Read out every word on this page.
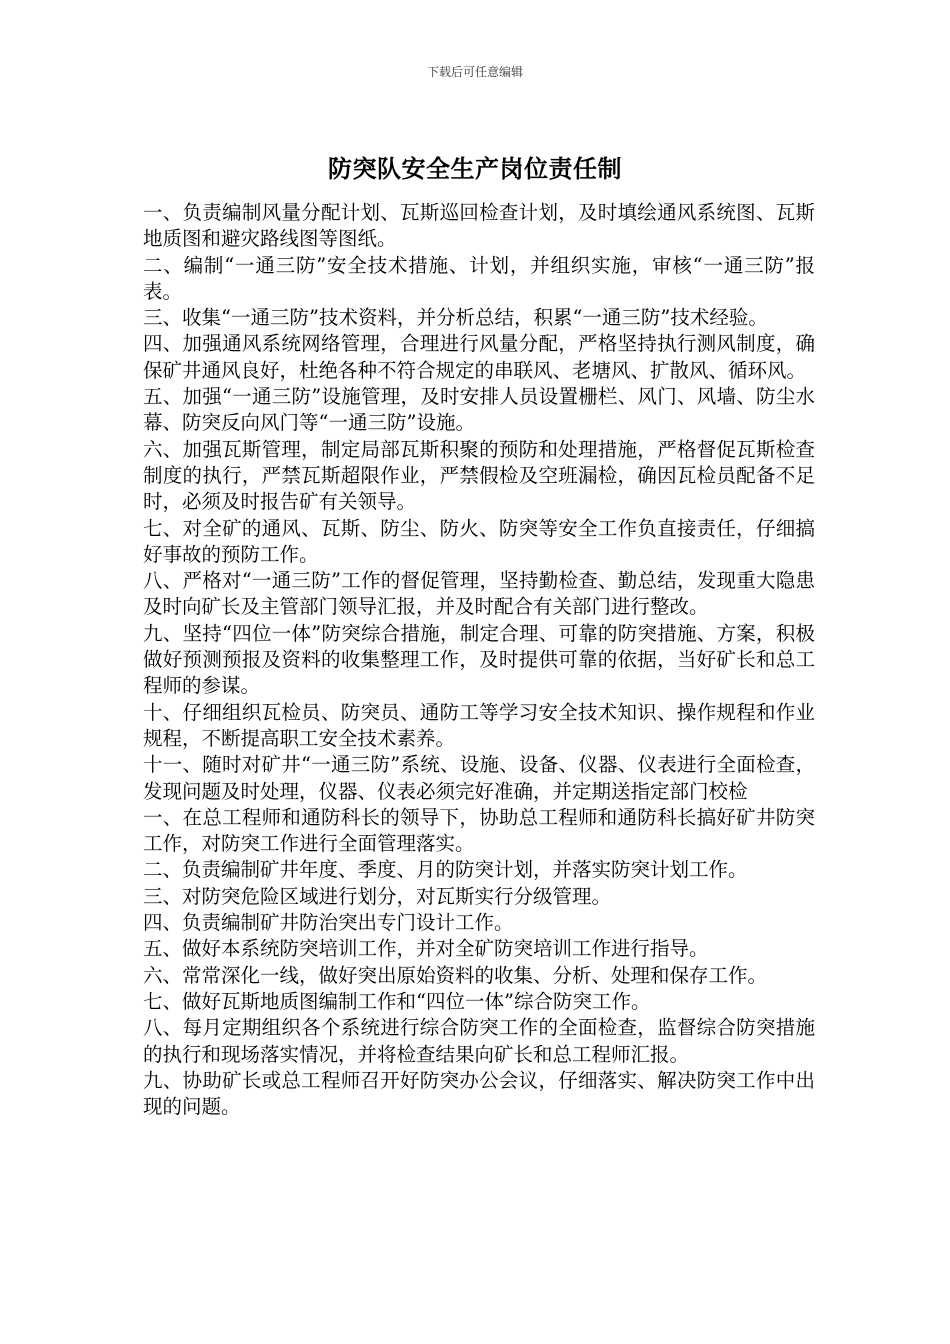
下载后可任意编辑
防突队安全生产岗位责任制

一、负责编制风量分配计划、瓦斯巡回检查计划，及时填绘通风系统图、瓦斯地质图和避灾路线图等图纸。

二、编制“一通三防”安全技术措施、计划，并组织实施，审核“一通三防”报表。

三、收集“一通三防”技术资料，并分析总结，积累“一通三防”技术经验。

四、加强通风系统网络管理，合理进行风量分配，严格坚持执行测风制度，确保矿井通风良好，杜绝各种不符合规定的串联风、老塘风、扩散风、循环风。

五、加强“一通三防”设施管理，及时安排人员设置栅栏、风门、风墙、防尘水幕、防突反向风门等“一通三防”设施。

六、加强瓦斯管理，制定局部瓦斯积聚的预防和处理措施，严格督促瓦斯检查制度的执行，严禁瓦斯超限作业，严禁假检及空班漏检，确因瓦检员配备不足时，必须及时报告矿有关领导。

七、对全矿的通风、瓦斯、防尘、防火、防突等安全工作负直接责任，仔细搞好事故的预防工作。

八、严格对“一通三防”工作的督促管理，坚持勤检查、勤总结，发现重大隐患及时向矿长及主管部门领导汇报，并及时配合有关部门进行整改。

九、坚持“四位一体”防突综合措施，制定合理、可靠的防突措施、方案，积极做好预测预报及资料的收集整理工作，及时提供可靠的依据，当好矿长和总工程师的参谋。

十、仔细组织瓦检员、防突员、通防工等学习安全技术知识、操作规程和作业规程，不断提高职工安全技术素养。

十一、随时对矿井“一通三防”系统、设施、设备、仪器、仪表进行全面检查，发现问题及时处理，仪器、仪表必须完好准确，并定期送指定部门校检

一、在总工程师和通防科长的领导下，协助总工程师和通防科长搞好矿井防突工作，对防突工作进行全面管理落实。

二、负责编制矿井年度、季度、月的防突计划，并落实防突计划工作。

三、对防突危险区域进行划分，对瓦斯实行分级管理。

四、负责编制矿井防治突出专门设计工作。

五、做好本系统防突培训工作，并对全矿防突培训工作进行指导。

六、常常深化一线，做好突出原始资料的收集、分析、处理和保存工作。

七、做好瓦斯地质图编制工作和“四位一体”综合防突工作。

八、每月定期组织各个系统进行综合防突工作的全面检查，监督综合防突措施的执行和现场落实情况，并将检查结果向矿长和总工程师汇报。

九、协助矿长或总工程师召开好防突办公会议，仔细落实、解决防突工作中出现的问题。
